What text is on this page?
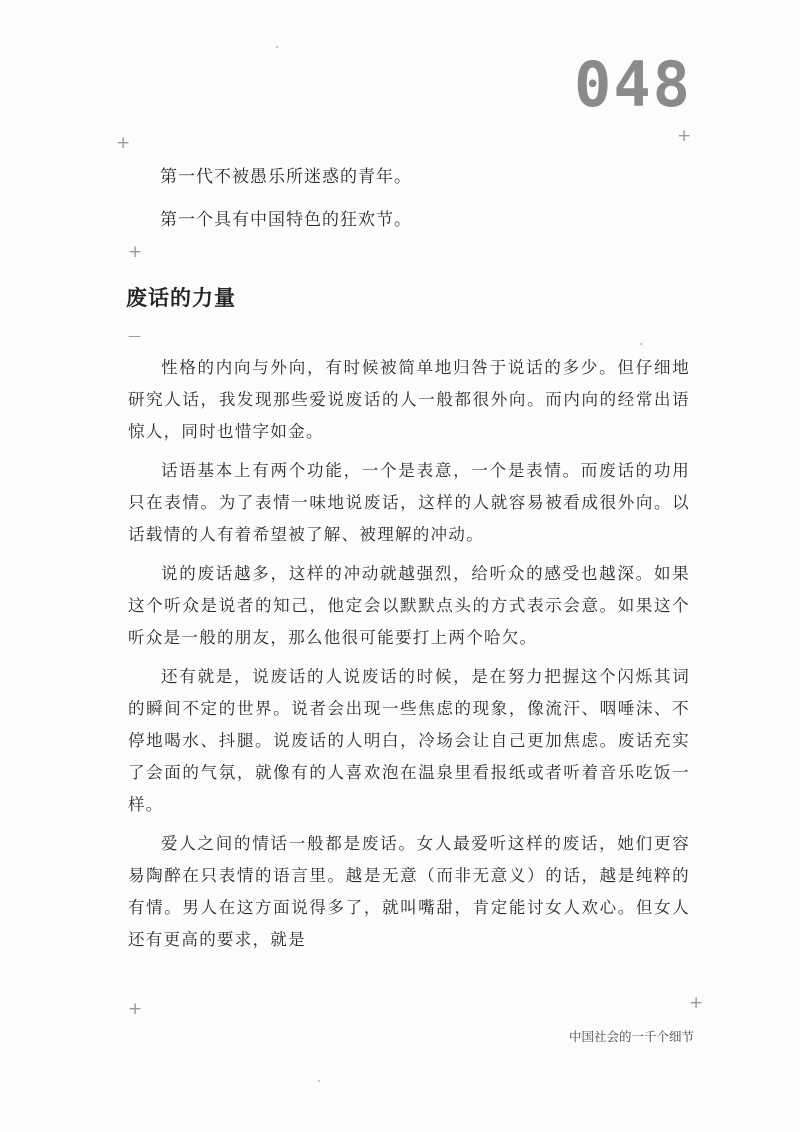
048
+	+
+
—
+	+
第一代不被愚乐所迷惑的青年。
第一个具有中国特色的狂欢节。
废话的力量

性格的内向与外向，有时候被简单地归咎于说话的多少。但仔细地研究人话，我发现那些爱说废话的人一般都很外向。而内向的经常出语惊人，同时也惜字如金。

话语基本上有两个功能，一个是表意，一个是表情。而废话的功用只在表情。为了表情一味地说废话，这样的人就容易被看成很外向。以话载情的人有着希望被了解、被理解的冲动。

说的废话越多，这样的冲动就越强烈，给听众的感受也越深。如果这个听众是说者的知己，他定会以默默点头的方式表示会意。如果这个听众是一般的朋友，那么他很可能要打上两个哈欠。

还有就是，说废话的人说废话的时候，是在努力把握这个闪烁其词的瞬间不定的世界。说者会出现一些焦虑的现象，像流汗、咽唾沫、不停地喝水、抖腿。说废话的人明白，冷场会让自己更加焦虑。废话充实了会面的气氛，就像有的人喜欢泡在温泉里看报纸或者听着音乐吃饭一样。

爱人之间的情话一般都是废话。女人最爱听这样的废话，她们更容易陶醉在只表情的语言里。越是无意（而非无意义）的话，越是纯粹的有情。男人在这方面说得多了，就叫嘴甜，肯定能讨女人欢心。但女人还有更高的要求，就是

中国社会的一千个细节
